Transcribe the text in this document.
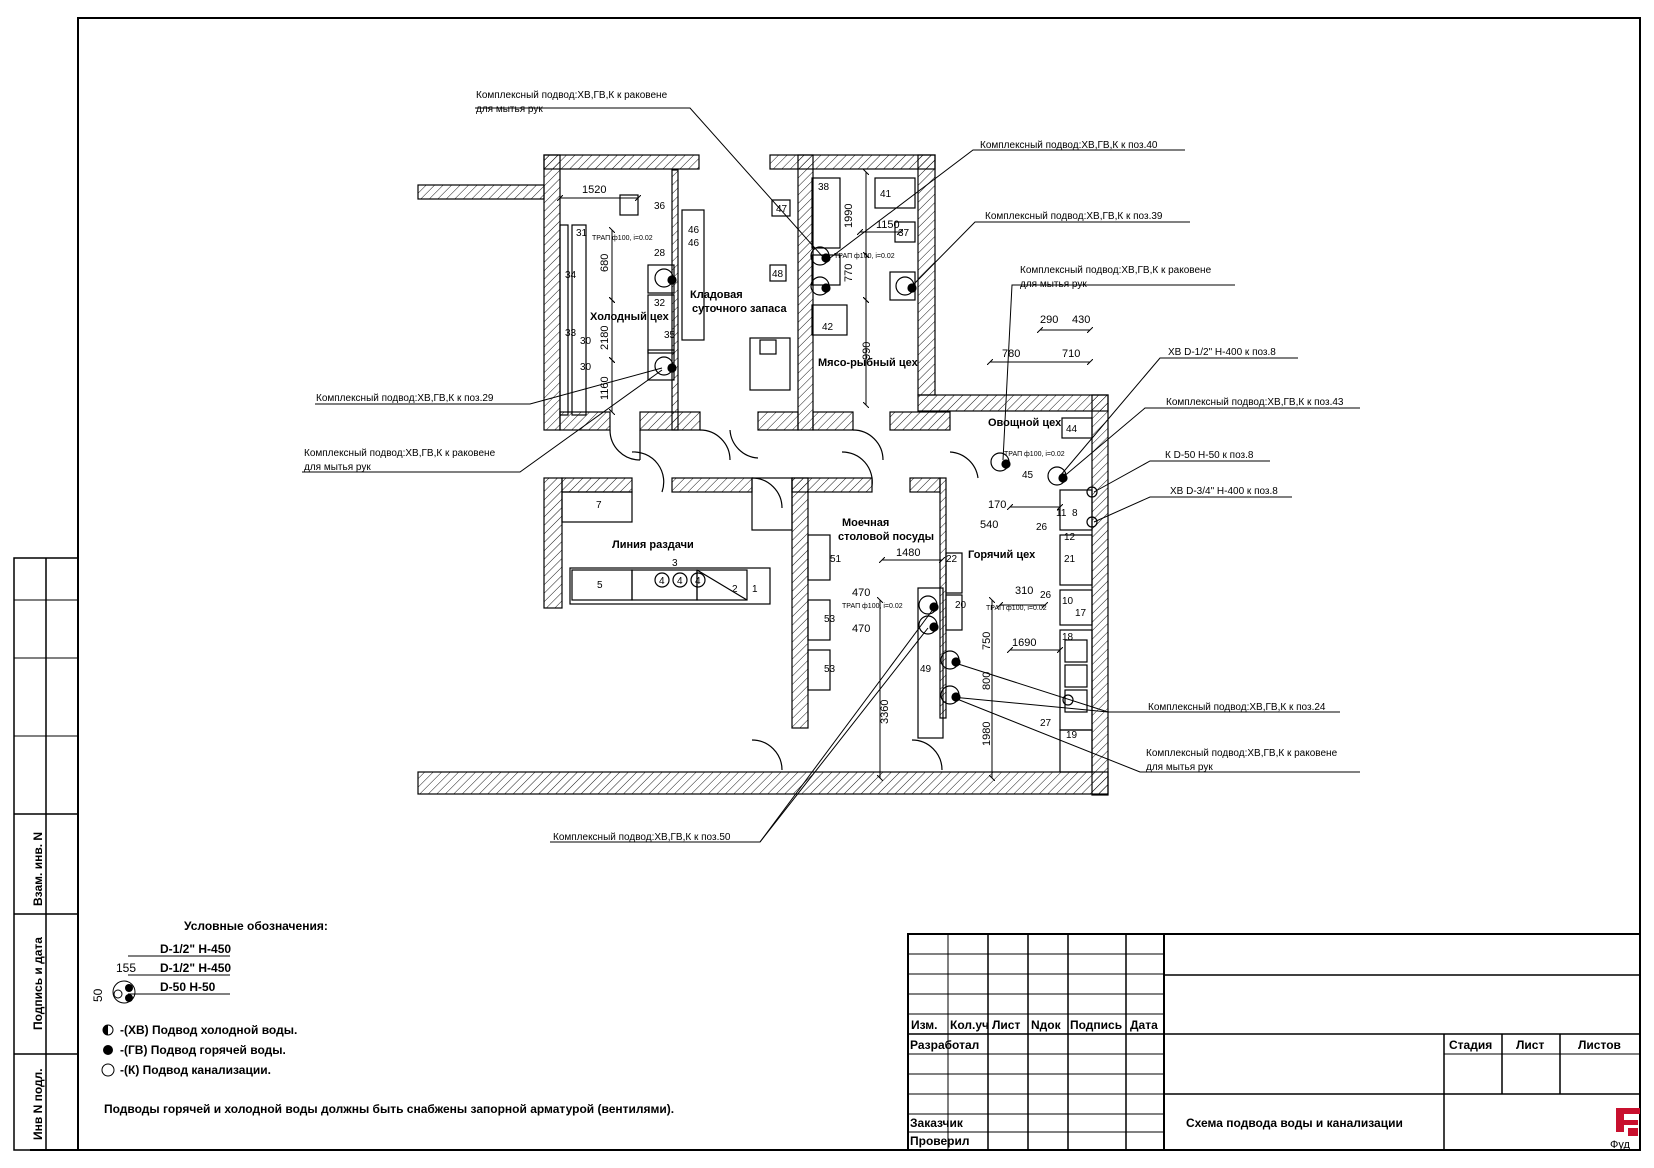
Инв N подл.
Подпись и дата
Взам. инв. N
Холодный цех
Кладовая
суточного запаса
Мясо-рыбный цех
Овощной цех
Линия раздачи
Моечная
столовой посуды
Горячий цех
Комплексный подвод:ХВ,ГВ,К к раковене
для мытья рук
Комплексный подвод:ХВ,ГВ,К к поз.40
Комплексный подвод:ХВ,ГВ,К к поз.39
Комплексный подвод:ХВ,ГВ,К к раковене
для мытья рук
ХВ D-1/2" Н-400 к поз.8
Комплексный подвод:ХВ,ГВ,К к поз.43
К D-50 Н-50 к поз.8
ХВ D-3/4" Н-400 к поз.8
Комплексный подвод:ХВ,ГВ,К к поз.29
Комплексный подвод:ХВ,ГВ,К к раковене
для мытья рук
Комплексный подвод:ХВ,ГВ,К к поз.24
Комплексный подвод:ХВ,ГВ,К к раковене
для мытья рук
Комплексный подвод:ХВ,ГВ,К к поз.50
1520
680
2180
1160
1990 1150
770
990
290 430
780	710
170
540
1480
470
470
310
750 1690
800
1980
3360
36
31
34
33
30
30
28
32
35
46
46
47
48
38
41
37
42
44
45
11 8
12
21
7
5	4 4 4
2 1
3	51
53
53
22
20
49
26
10
17
18
27
19
26
ТРАП ф100, i=0.02
ТРАП ф100, i=0.02
ТРАП ф100, i=0.02
ТРАП ф100, i=0.02	ТРАП ф100, i=0.02
Условные обозначения:
D-1/2" Н-450
D-1/2" Н-450
D-50 Н-50
155
50
-(ХВ) Подвод холодной воды.
-(ГВ) Подвод горячей воды.
-(К) Подвод канализации.
Подводы горячей и холодной воды должны быть снабжены запорной арматурой (вентилями).
Изм. Кол.уч Лист Nдок Подпись Дата
Разработал
Заказчик
Проверил
Стадия Лист	Листов
Схема подвода воды и канализации
Фуд
